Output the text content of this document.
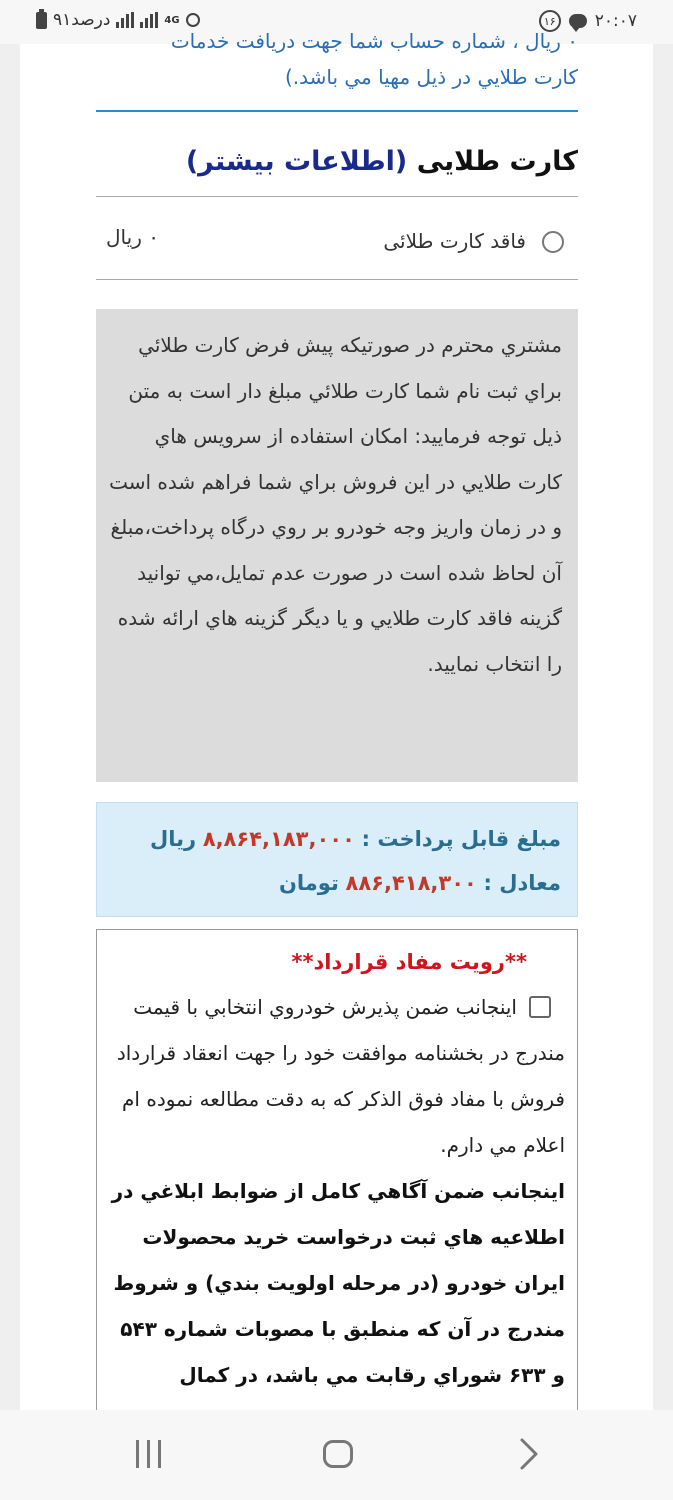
۹۱درصد	4G	۱۶ ۲۰:۰۷
۰ ريال ، شماره حساب شما جهت دريافت خدمات
کارت طلايي در ذيل مهيا مي باشد.)
کارت طلایی (اطلاعات بیشتر)
فاقد کارت طلائی
۰ ريال

مشتري محترم در صورتيکه پيش فرض کارت طلائي براي ثبت نام شما کارت طلائي مبلغ دار است به متن ذيل توجه فرماييد: امکان استفاده از سرويس هاي کارت طلايي در اين فروش براي شما فراهم شده است و در زمان واريز وجه خودرو بر روي درگاه پرداخت،مبلغ آن لحاظ شده است در صورت عدم تمايل،مي توانيد گزينه فاقد کارت طلايي و يا ديگر گزينه هاي ارائه شده را انتخاب نماييد.

مبلغ قابل پرداخت : ۸,۸۶۴,۱۸۳,۰۰۰ ريال
معادل : ۸۸۶,۴۱۸,۳۰۰ تومان
**رويت مفاد قرارداد**

اينجانب ضمن پذيرش خودروي انتخابي با قيمت مندرج در بخشنامه موافقت خود را جهت انعقاد قرارداد فروش با مفاد فوق الذکر که به دقت مطالعه نموده ام اعلام مي دارم.

اينجانب ضمن آگاهي کامل از ضوابط ابلاغي در اطلاعيه هاي ثبت درخواست خريد محصولات ايران خودرو (در مرحله اولويت بندي) و شروط مندرج در آن که منطبق با مصوبات شماره ۵۴۳ و ۶۳۳ شوراي رقابت مي باشد، در کمال
